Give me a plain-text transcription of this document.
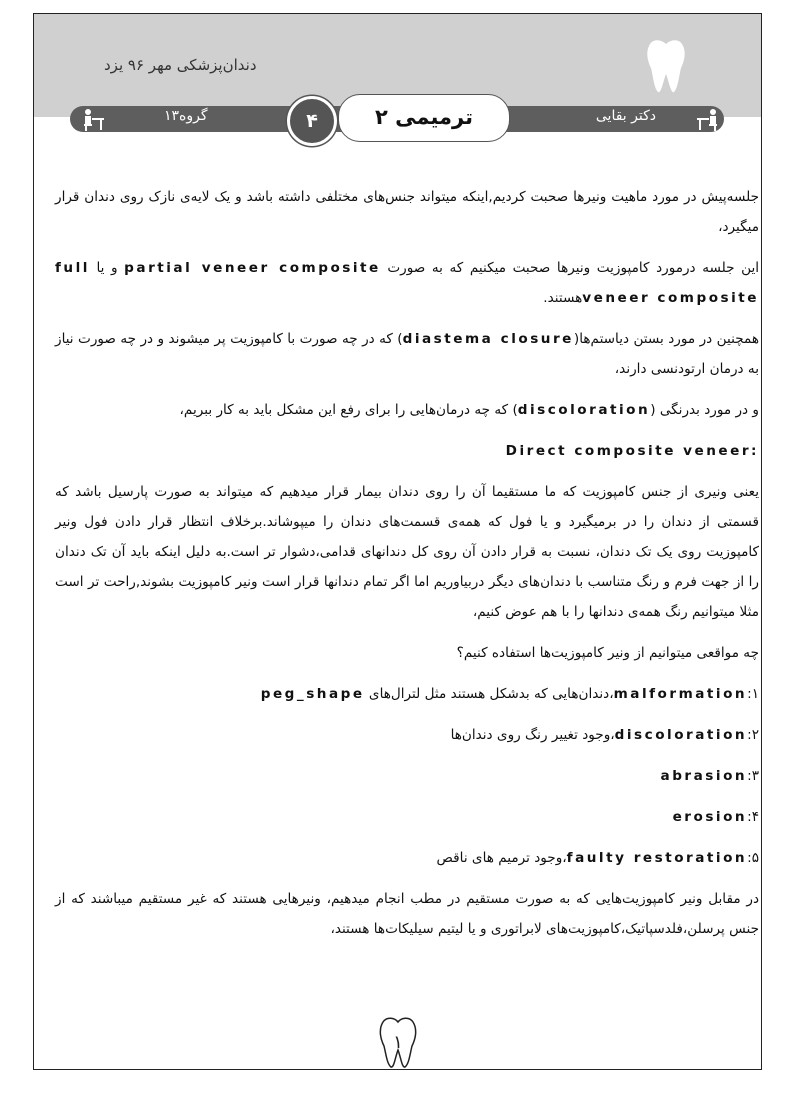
دندان‌پزشکی مهر ۹۶ یزد
گروه۱۳	۴	ترمیمی ۲	دکتر بقایی

جلسه‌پیش در مورد ماهیت ونیرها صحبت کردیم,اینکه میتواند جنس‌های مختلفی داشته باشد و یک لایه‌ی نازک روی دندان قرار میگیرد،

این جلسه درمورد کامپوزیت ونیرها صحبت میکنیم که به صورت partial veneer composite و یا full veneer compositeهستند.

همچنین در مورد بستن دیاستم‌ها(diastema closure) که در چه صورت با کامپوزیت پر میشوند و در چه صورت نیاز به درمان ارتودنسی دارند،

و در مورد بدرنگی (discoloration) که چه درمان‌هایی را برای رفع این مشکل باید به کار ببریم،

Direct composite veneer:

یعنی ونیری از جنس کامپوزیت که ما مستقیما آن را روی دندان بیمار قرار میدهیم که میتواند به صورت پارسیل باشد که قسمتی از دندان را در برمیگیرد و یا فول که همه‌ی قسمت‌های دندان را میپوشاند.برخلاف انتظار قرار دادن فول ونیر کامپوزیت روی یک تک دندان، نسبت به قرار دادن آن روی کل دندانهای قدامی،دشوار تر است.به دلیل اینکه باید آن تک دندان را از جهت فرم و رنگ متناسب با دندان‌های دیگر دربیاوریم اما اگر تمام دندانها قرار است ونیر کامپوزیت بشوند,راحت تر است مثلا میتوانیم رنگ همه‌ی دندانها را با هم عوض کنیم،

چه مواقعی میتوانیم از ونیر کامپوزیت‌ها استفاده کنیم؟

۱:malformation،دندان‌هایی که بدشکل هستند مثل لترال‌های peg_shape

۲:discoloration،وجود تغییر رنگ روی دندان‌ها

۳:abrasion

۴:erosion

۵:faulty restoration،وجود ترمیم های ناقص

در مقابل ونیر کامپوزیت‌هایی که به صورت مستقیم در مطب انجام میدهیم، ونیرهایی هستند که غیر مستقیم میباشند که از جنس پرسلن،فلدسپاتیک،کامپوزیت‌های لابراتوری و یا لیتیم سیلیکات‌ها هستند،

۱
